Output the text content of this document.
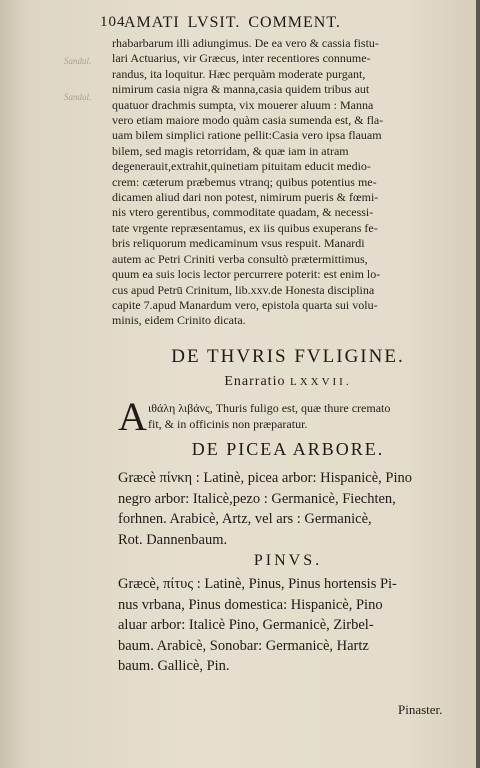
104
AMATI LVSIT. COMMENT.
Sandal.
Sandal.

rhabarbarum illi adiungimus. De ea vero & cassia fistu-

lari Actuarius, vir Græcus, inter recentiores connume-

randus, ita loquitur. Hæc perquàm moderate purgant,

nimirum casia nigra & manna,casia quidem tribus aut

quatuor drachmis sumpta, vix mouerer aluum : Manna

vero etiam maiore modo quàm casia sumenda est, & fla-

uam bilem simplici ratione pellit:Casia vero ipsa flauam

bilem, sed magis retorridam, & quæ iam in atram

degenerauit,extrahit,quinetiam pituitam educit medio-

crem: cæterum præbemus vtranq; quibus potentius me-

dicamen aliud dari non potest, nimirum pueris & fœmi-

nis vtero gerentibus, commoditate quadam, & necessi-

tate vrgente repræsentamus, ex iis quibus exuperans fe-

bris reliquorum medicaminum vsus respuit. Manardi

autem ac Petri Criniti verba consultò prætermittimus,

quum ea suis locis lector percurrere poterit: est enim lo-

cus apud Petrū Crinitum, lib.xxv.de Honesta disciplina

capite 7.apud Manardum vero, epistola quarta sui volu-

minis, eidem Crinito dicata.

DE THVRIS FVLIGINE.
Enarratio LXXVII.
A ιθάλη λιβάνς, Thuris fuligo est, quæ thure cremato
fit, & in officinis non præparatur.
DE PICEA ARBORE.
Græcè πίνκη : Latinè, picea arbor: Hispanicè, Pino
negro arbor: Italicè,pezo : Germanicè, Fiechten,
forhnen. Arabicè, Artz, vel ars : Germanicè,
Rot. Dannenbaum.
PINVS.
Græcè, πίτυς : Latinè, Pinus, Pinus hortensis Pi-
nus vrbana, Pinus domestica: Hispanicè, Pino
aluar arbor: Italicè Pino, Germanicè, Zirbel-
baum. Arabicè, Sonobar: Germanicè, Hartz
baum. Gallicè, Pin.
Pinaster.
